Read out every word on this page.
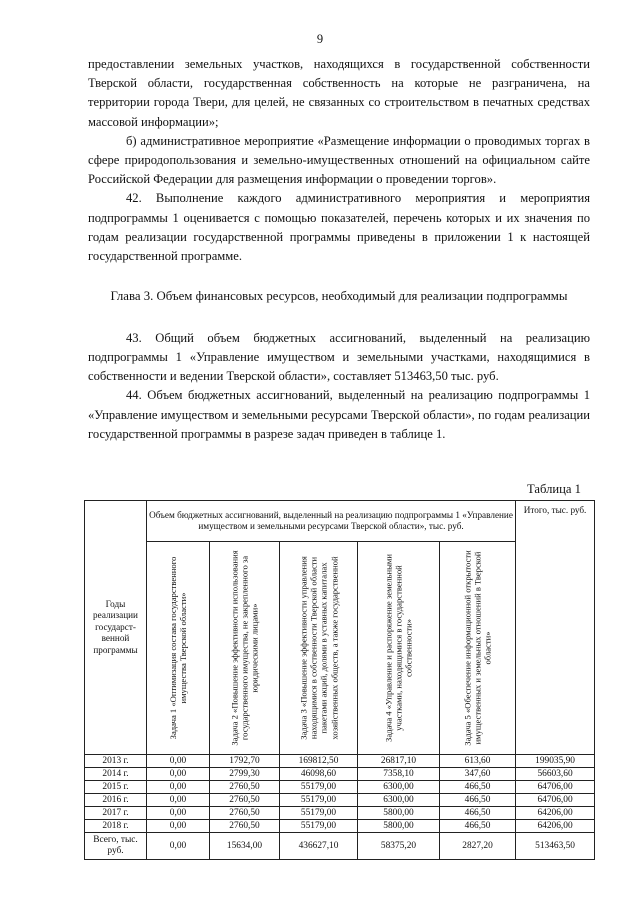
9

предоставлении земельных участков, находящихся в государственной собственности Тверской области, государственная собственность на которые не разграничена, на территории города Твери, для целей, не связанных со строительством в печатных средствах массовой информации»;

б) административное мероприятие «Размещение информации о проводимых торгах в сфере природопользования и земельно-имущественных отношений на официальном сайте Российской Федерации для размещения информации о проведении торгов».

42. Выполнение каждого административного мероприятия и мероприятия подпрограммы 1 оценивается с помощью показателей, перечень которых и их значения по годам реализации государственной программы приведены в приложении 1 к настоящей государственной программе.

Глава 3. Объем финансовых ресурсов, необходимый для реализации подпрограммы

43. Общий объем бюджетных ассигнований, выделенный на реализацию подпрограммы 1 «Управление имуществом и земельными участками, находящимися в собственности и ведении Тверской области», составляет 513463,50 тыс. руб.

44. Объем бюджетных ассигнований, выделенный на реализацию подпрограммы 1 «Управление имуществом и земельными ресурсами Тверской области», по годам реализации государственной программы в разрезе задач приведен в таблице 1.

Таблица 1
Годы реализации государст-венной программы	Объем бюджетных ассигнований, выделенный на реализацию подпрограммы 1 «Управление имуществом и земельными ресурсами Тверской области», тыс. руб.					Итого, тыс. руб.

	Задача 1 «Оптимизация состава государственного имущества Тверской области»	Задача 2 «Повышение эффективности использования государственного имущества, не закрепленного за юридическими лицами»	Задача 3 «Повышение эффективности управления находящимися в собственности Тверской области пакетами акций, долями в уставных капиталах хозяйственных обществ, а также государственной	Задача 4 «Управление и распоряжение земельными участками, находящимися в государственной собственности»	Задача 5 «Обеспечение информационной открытости имущественных и земельных отношений в Тверской области»	

2013 г.	0,00	1792,70	169812,50	26817,10	613,60	199035,90
2014 г.	0,00	2799,30	46098,60	7358,10	347,60	56603,60
2015 г.	0,00	2760,50	55179,00	6300,00	466,50	64706,00
2016 г.	0,00	2760,50	55179,00	6300,00	466,50	64706,00
2017 г.	0,00	2760,50	55179,00	5800,00	466,50	64206,00
2018 г.	0,00	2760,50	55179,00	5800,00	466,50	64206,00
Всего, тыс. руб.	0,00	15634,00	436627,10	58375,20	2827,20	513463,50
